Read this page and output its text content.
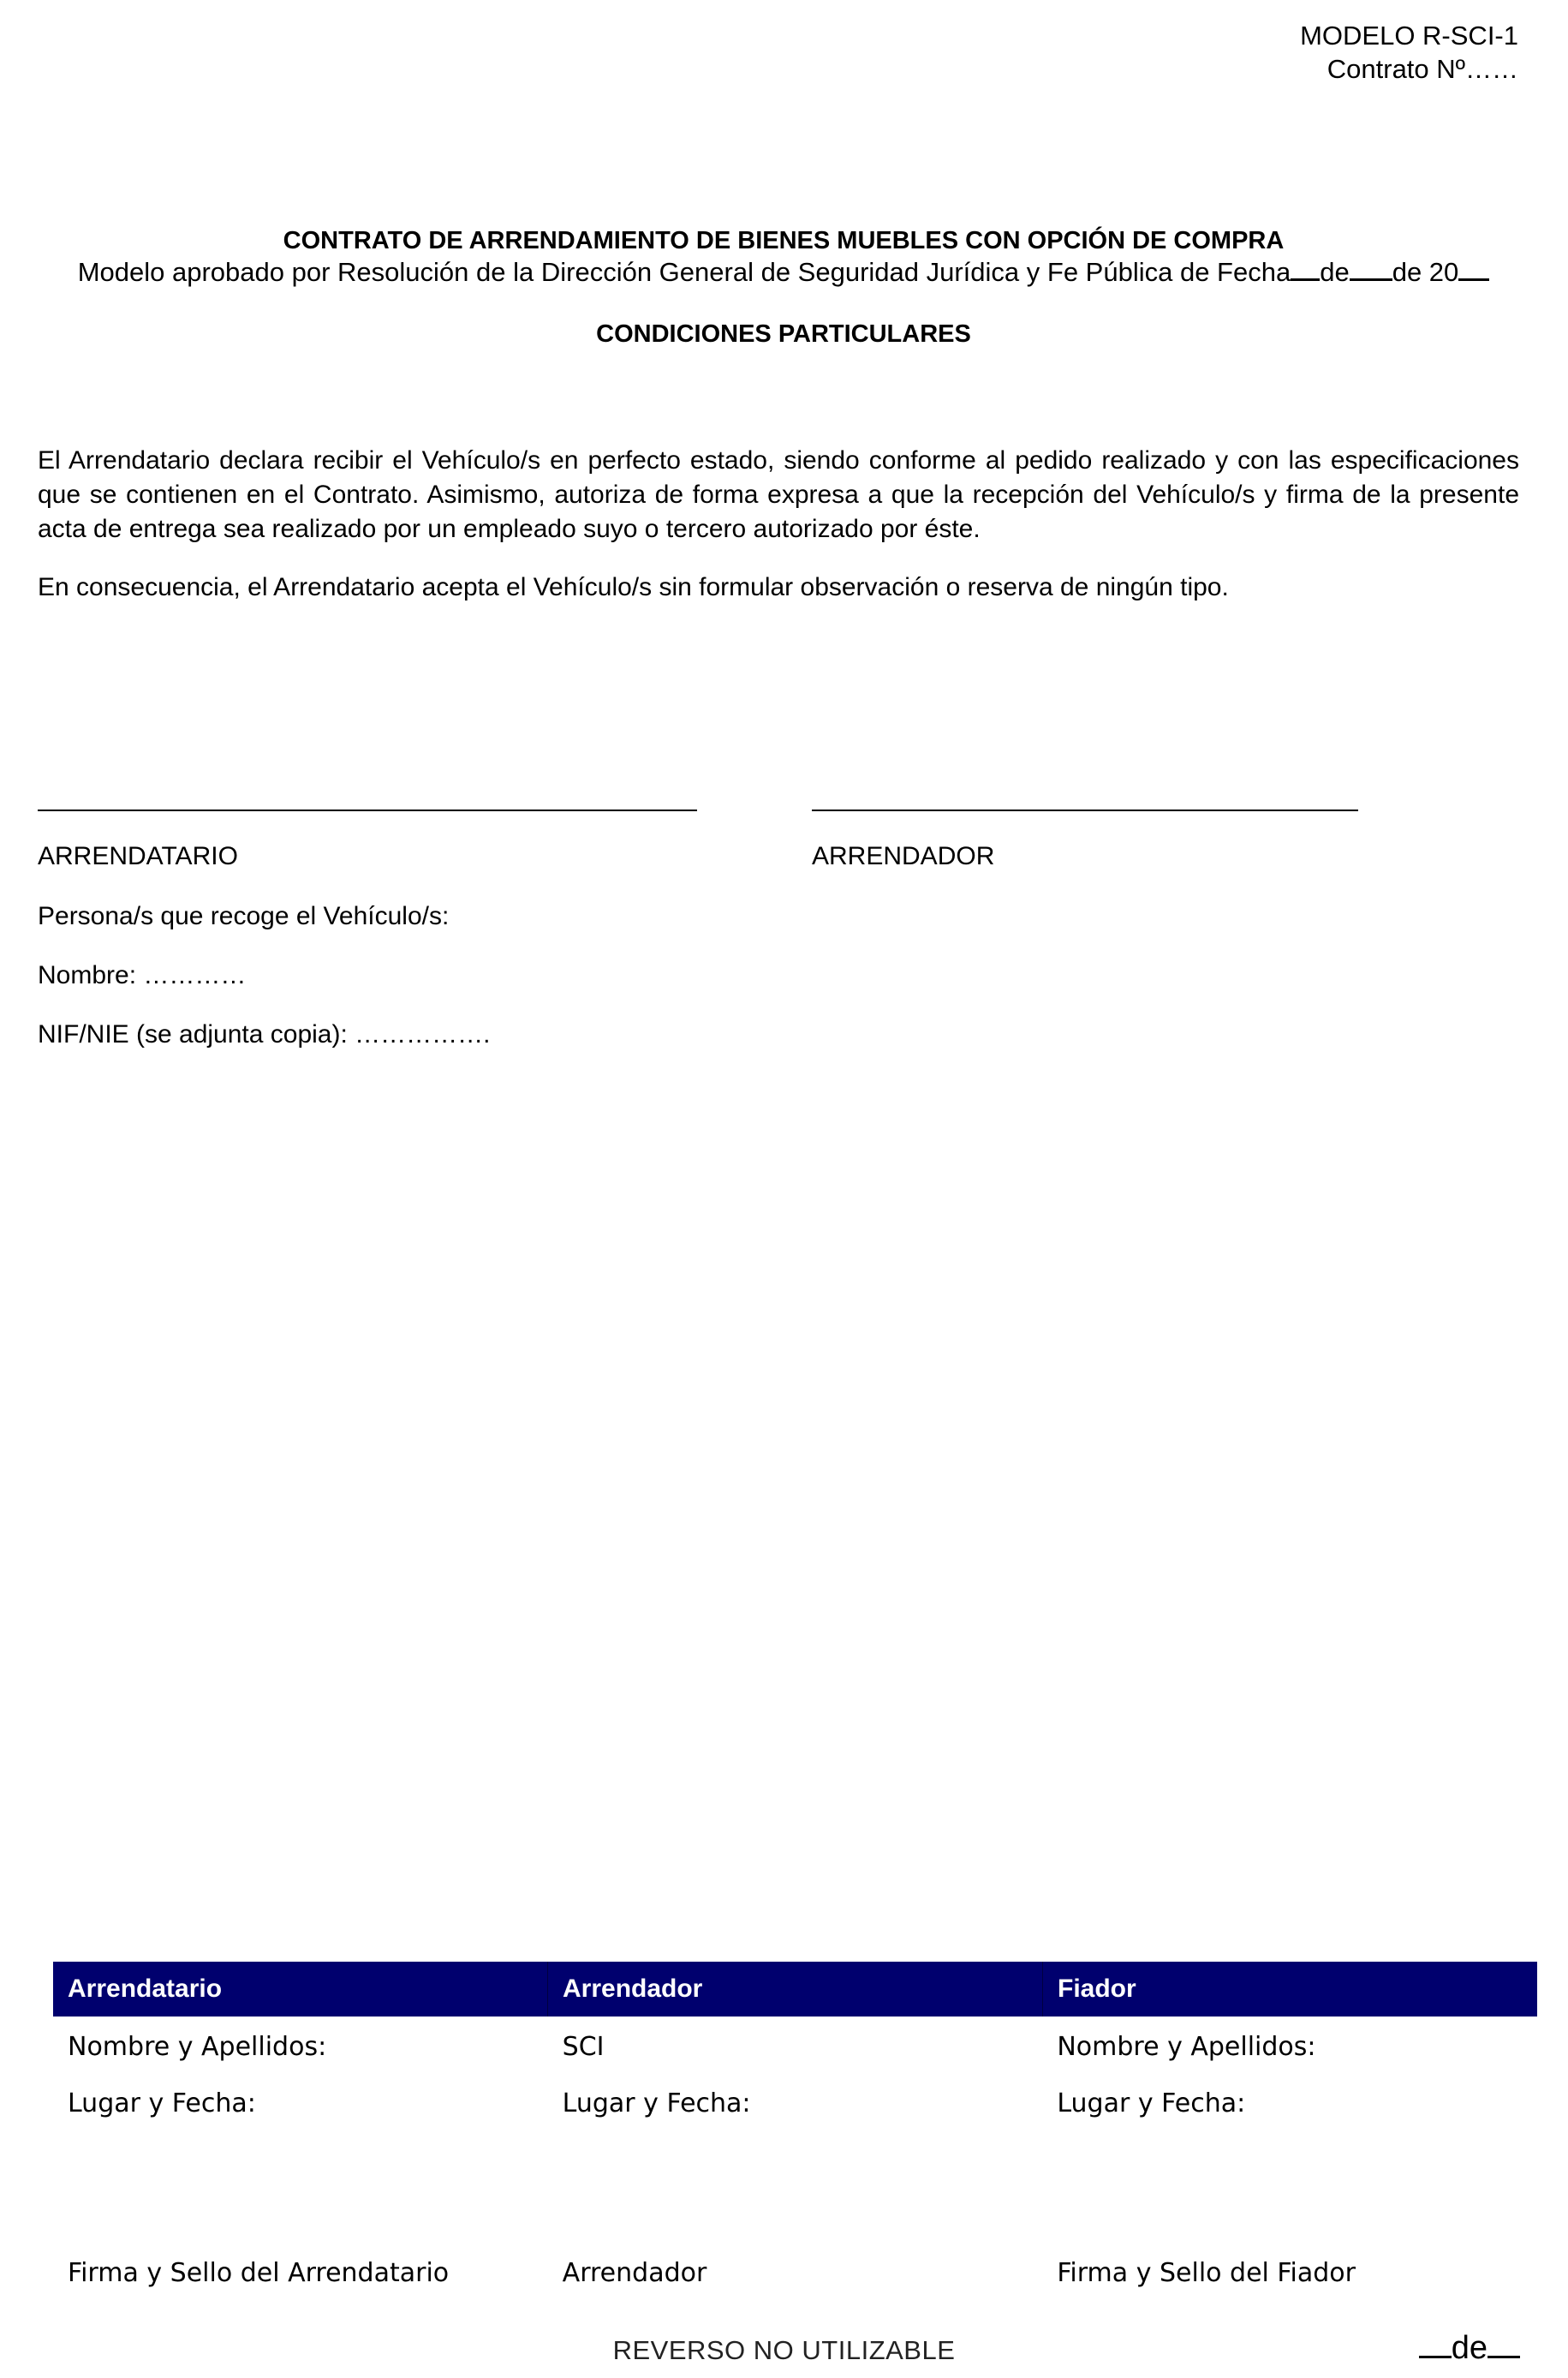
MODELO R-SCI-1
Contrato Nº……
CONTRATO DE ARRENDAMIENTO DE BIENES MUEBLES CON OPCIÓN DE COMPRA
Modelo aprobado por Resolución de la Dirección General de Seguridad Jurídica y Fe Pública de Fecha de de 20
CONDICIONES PARTICULARES
El Arrendatario declara recibir el Vehículo/s en perfecto estado, siendo conforme al pedido realizado y con las especificaciones que se contienen en el Contrato. Asimismo, autoriza de forma expresa a que la recepción del Vehículo/s y firma de la presente acta de entrega sea realizado por un empleado suyo o tercero autorizado por éste.
En consecuencia, el Arrendatario acepta el Vehículo/s sin formular observación o reserva de ningún tipo.
ARRENDATARIO	ARRENDADOR
Persona/s que recoge el Vehículo/s:
Nombre: …………
NIF/NIE (se adjunta copia): …………….
Arrendatario	Arrendador	Fiador
Nombre y Apellidos:	SCI	Nombre y Apellidos:
Lugar y Fecha:	Lugar y Fecha:	Lugar y Fecha:
Firma y Sello del Arrendatario	Arrendador	Firma y Sello del Fiador
REVERSO NO UTILIZABLE	de
